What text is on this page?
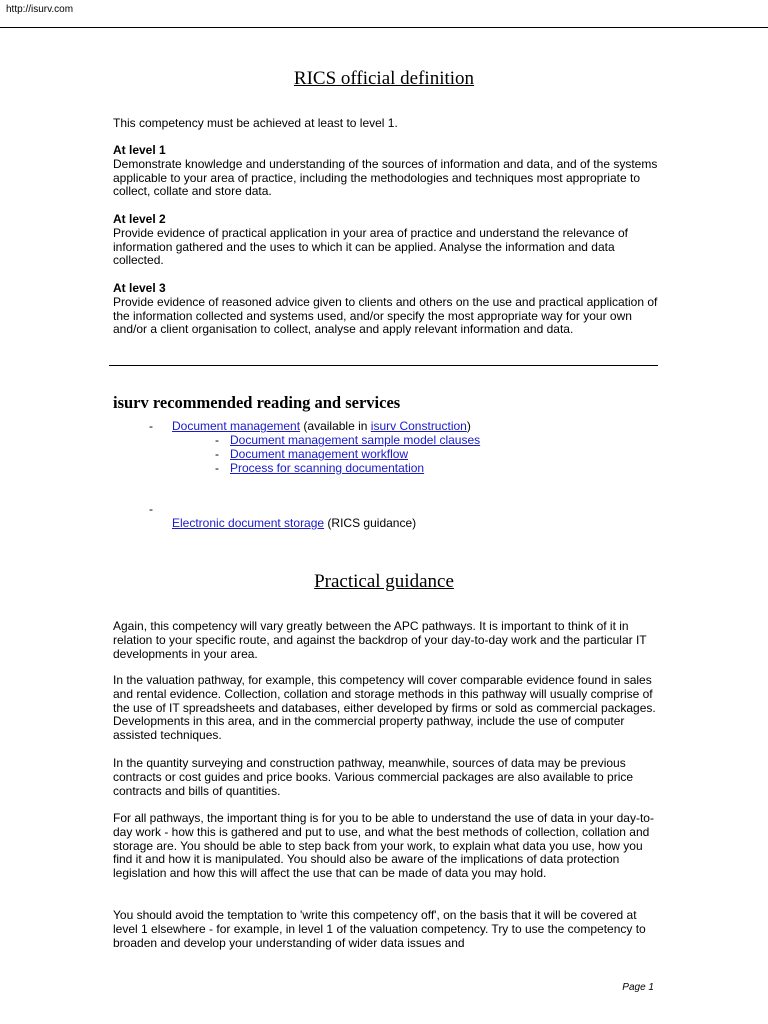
http://isurv.com
RICS official definition

This competency must be achieved at least to level 1.

At level 1

Demonstrate knowledge and understanding of the sources of information and data, and of the systems applicable to your area of practice, including the methodologies and techniques most appropriate to collect, collate and store data.

At level 2

Provide evidence of practical application in your area of practice and understand the relevance of information gathered and the uses to which it can be applied. Analyse the information and data collected.

At level 3

Provide evidence of reasoned advice given to clients and others on the use and practical application of the information collected and systems used, and/or specify the most appropriate way for your own and/or a client organisation to collect, analyse and apply relevant information and data.

isurv recommended reading and services
- Document management (available in isurv Construction)
- Document management sample model clauses
- Document management workflow
- Process for scanning documentation
-
Electronic document storage (RICS guidance)
Practical guidance

Again, this competency will vary greatly between the APC pathways. It is important to think of it in relation to your specific route, and against the backdrop of your day-to-day work and the particular IT developments in your area.

In the valuation pathway, for example, this competency will cover comparable evidence found in sales and rental evidence. Collection, collation and storage methods in this pathway will usually comprise of the use of IT spreadsheets and databases, either developed by firms or sold as commercial packages. Developments in this area, and in the commercial property pathway, include the use of computer assisted techniques.

In the quantity surveying and construction pathway, meanwhile, sources of data may be previous contracts or cost guides and price books. Various commercial packages are also available to price contracts and bills of quantities.

For all pathways, the important thing is for you to be able to understand the use of data in your day-to-day work - how this is gathered and put to use, and what the best methods of collection, collation and storage are. You should be able to step back from your work, to explain what data you use, how you find it and how it is manipulated. You should also be aware of the implications of data protection legislation and how this will affect the use that can be made of data you may hold.

You should avoid the temptation to 'write this competency off', on the basis that it will be covered at level 1 elsewhere - for example, in level 1 of the valuation competency. Try to use the competency to broaden and develop your understanding of wider data issues and

Page 1
